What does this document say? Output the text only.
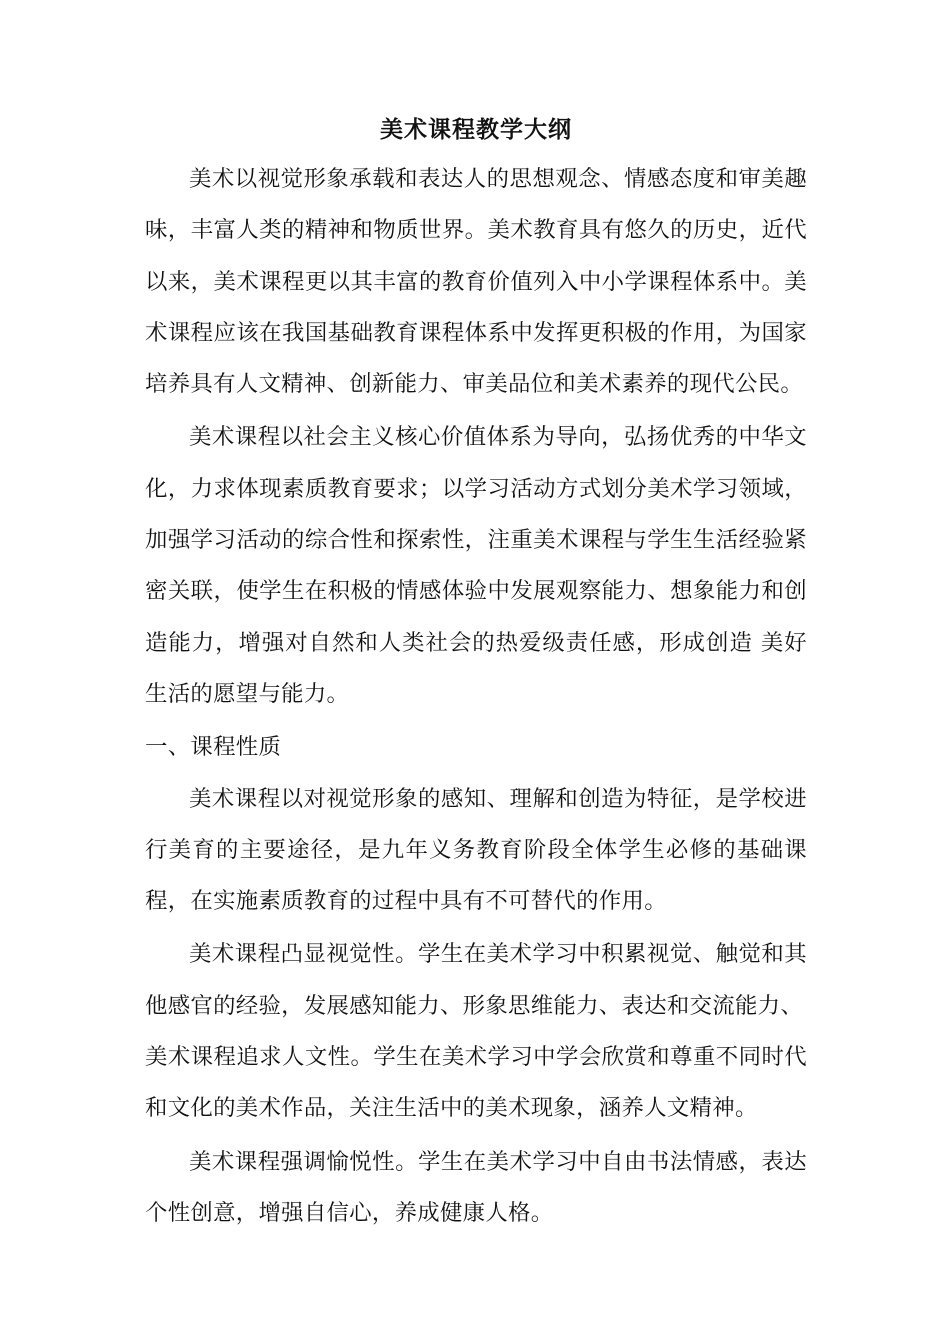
美术课程教学大纲

美术以视觉形象承载和表达人的思想观念、情感态度和审美趣味，丰富人类的精神和物质世界。美术教育具有悠久的历史，近代以来，美术课程更以其丰富的教育价值列入中小学课程体系中。美术课程应该在我国基础教育课程体系中发挥更积极的作用，为国家培养具有人文精神、创新能力、审美品位和美术素养的现代公民。

美术课程以社会主义核心价值体系为导向，弘扬优秀的中华文化，力求体现素质教育要求；以学习活动方式划分美术学习领域，加强学习活动的综合性和探索性，注重美术课程与学生生活经验紧密关联，使学生在积极的情感体验中发展观察能力、想象能力和创造能力，增强对自然和人类社会的热爱级责任感，形成创造 美好生活的愿望与能力。

一、课程性质

美术课程以对视觉形象的感知、理解和创造为特征，是学校进行美育的主要途径，是九年义务教育阶段全体学生必修的基础课程，在实施素质教育的过程中具有不可替代的作用。

美术课程凸显视觉性。学生在美术学习中积累视觉、触觉和其他感官的经验，发展感知能力、形象思维能力、表达和交流能力、

美术课程追求人文性。学生在美术学习中学会欣赏和尊重不同时代和文化的美术作品，关注生活中的美术现象，涵养人文精神。

美术课程强调愉悦性。学生在美术学习中自由书法情感，表达个性创意，增强自信心，养成健康人格。
